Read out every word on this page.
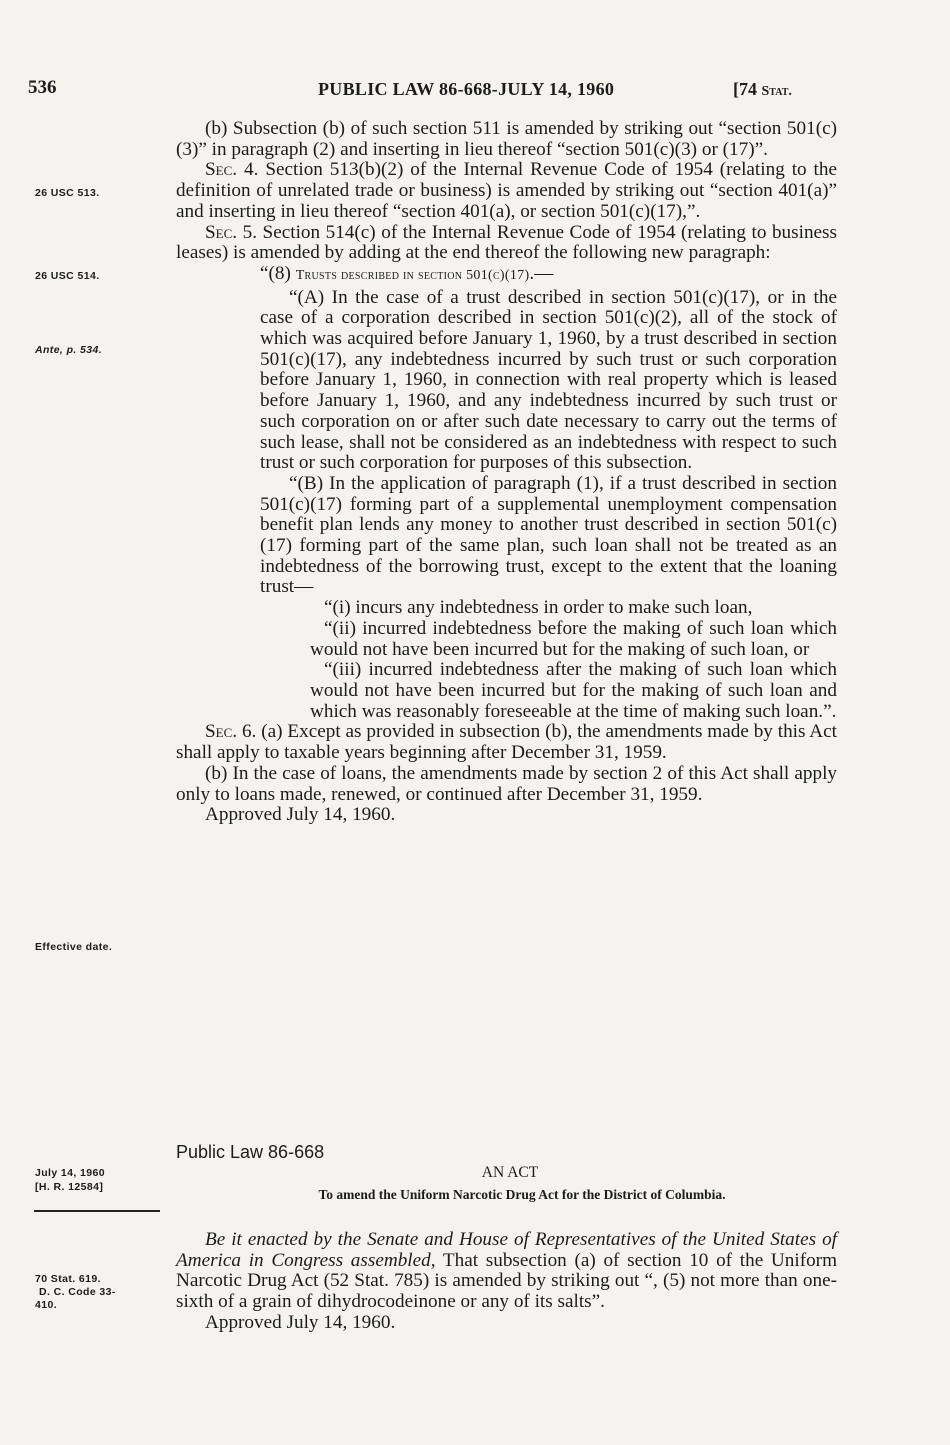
536	PUBLIC LAW 86-668-JULY 14, 1960	[74 Stat.
26 USC 513.
26 USC 514.
Ante, p. 534.
Effective date.
July 14, 1960
[H. R. 12584]
70 Stat. 619.
D. C. Code 33-
410.

(b) Subsection (b) of such section 511 is amended by striking out “section 501(c)(3)” in paragraph (2) and inserting in lieu thereof “section 501(c)(3) or (17)”.

Sec. 4. Section 513(b)(2) of the Internal Revenue Code of 1954 (relating to the definition of unrelated trade or business) is amended by striking out “section 401(a)” and inserting in lieu thereof “section 401(a), or section 501(c)(17),”.

Sec. 5. Section 514(c) of the Internal Revenue Code of 1954 (relating to business leases) is amended by adding at the end thereof the following new paragraph:

“(8) Trusts described in section 501(c)(17).—

“(A) In the case of a trust described in section 501(c)(17), or in the case of a corporation described in section 501(c)(2), all of the stock of which was acquired before January 1, 1960, by a trust described in section 501(c)(17), any indebtedness incurred by such trust or such corporation before January 1, 1960, in connection with real property which is leased before January 1, 1960, and any indebtedness incurred by such trust or such corporation on or after such date necessary to carry out the terms of such lease, shall not be considered as an indebtedness with respect to such trust or such corporation for purposes of this subsection.

“(B) In the application of paragraph (1), if a trust described in section 501(c)(17) forming part of a supplemental unemployment compensation benefit plan lends any money to another trust described in section 501(c)(17) forming part of the same plan, such loan shall not be treated as an indebtedness of the borrowing trust, except to the extent that the loaning trust—

“(i) incurs any indebtedness in order to make such loan,

“(ii) incurred indebtedness before the making of such loan which would not have been incurred but for the making of such loan, or

“(iii) incurred indebtedness after the making of such loan which would not have been incurred but for the making of such loan and which was reasonably foreseeable at the time of making such loan.”.

Sec. 6. (a) Except as provided in subsection (b), the amendments made by this Act shall apply to taxable years beginning after December 31, 1959.

(b) In the case of loans, the amendments made by section 2 of this Act shall apply only to loans made, renewed, or continued after December 31, 1959.

Approved July 14, 1960.

Public Law 86-668
AN ACT
To amend the Uniform Narcotic Drug Act for the District of Columbia.

Be it enacted by the Senate and House of Representatives of the United States of America in Congress assembled, That subsection (a) of section 10 of the Uniform Narcotic Drug Act (52 Stat. 785) is amended by striking out “, (5) not more than one-sixth of a grain of dihydrocodeinone or any of its salts”.

Approved July 14, 1960.
